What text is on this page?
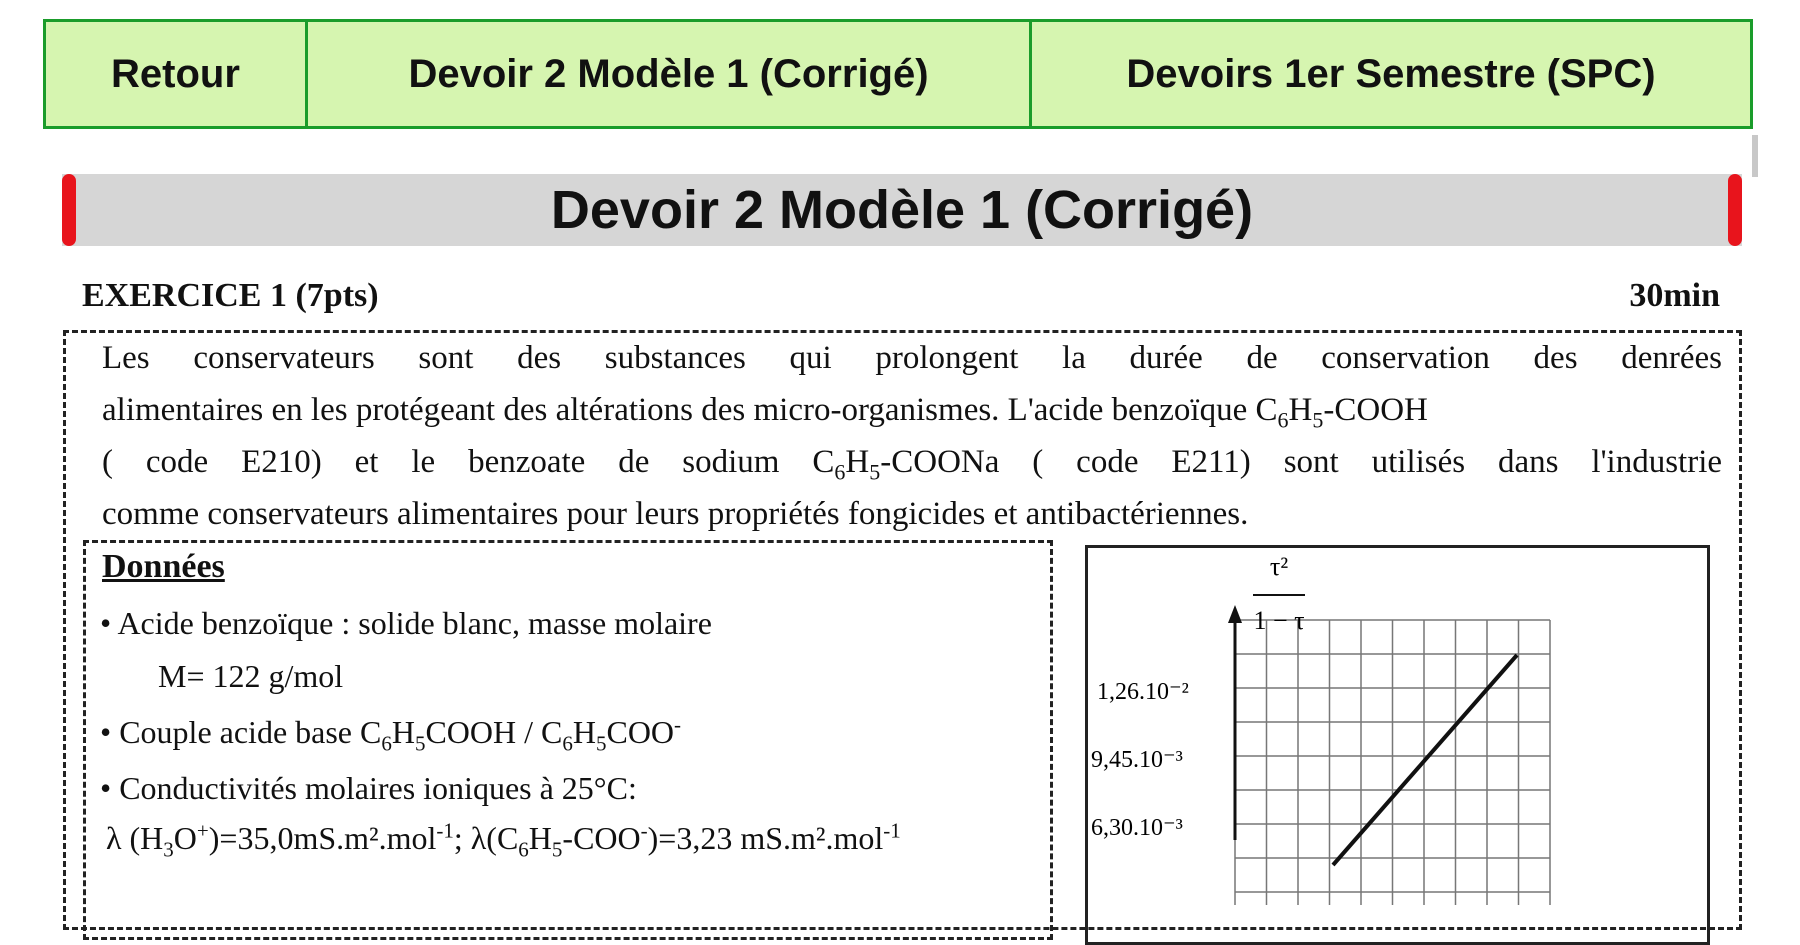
Retour	Devoir 2 Modèle 1 (Corrigé)	Devoirs 1er Semestre (SPC)
Devoir 2 Modèle 1 (Corrigé)
EXERCICE 1 (7pts)	30min
Les conservateurs sont des substances qui prolongent la durée de conservation des denrées
alimentaires en les protégeant des altérations des micro-organismes. L'acide benzoïque $C_6H_5$-COOH
( code E210) et le benzoate de sodium $C_6H_5$-COONa ( code E211) sont utilisés dans l'industrie
comme conservateurs alimentaires pour leurs propriétés fongicides et antibactériennes.
Données
• Acide benzoïque : solide blanc, masse molaire
M= 122 g/mol
• Couple acide base $C_6H_5COOH / C_6H_5COO^-$
• Conductivités molaires ioniques à 25°C:
λ $(H_3O^+)=35,0mS.m^2.mol^{-1}$; $\lambda(C_6H_5-COO^-)=3,23$ mS.m².mol$^{-1}$
τ²
1 − τ
1,26.10⁻²
9,45.10⁻³
6,30.10⁻³
